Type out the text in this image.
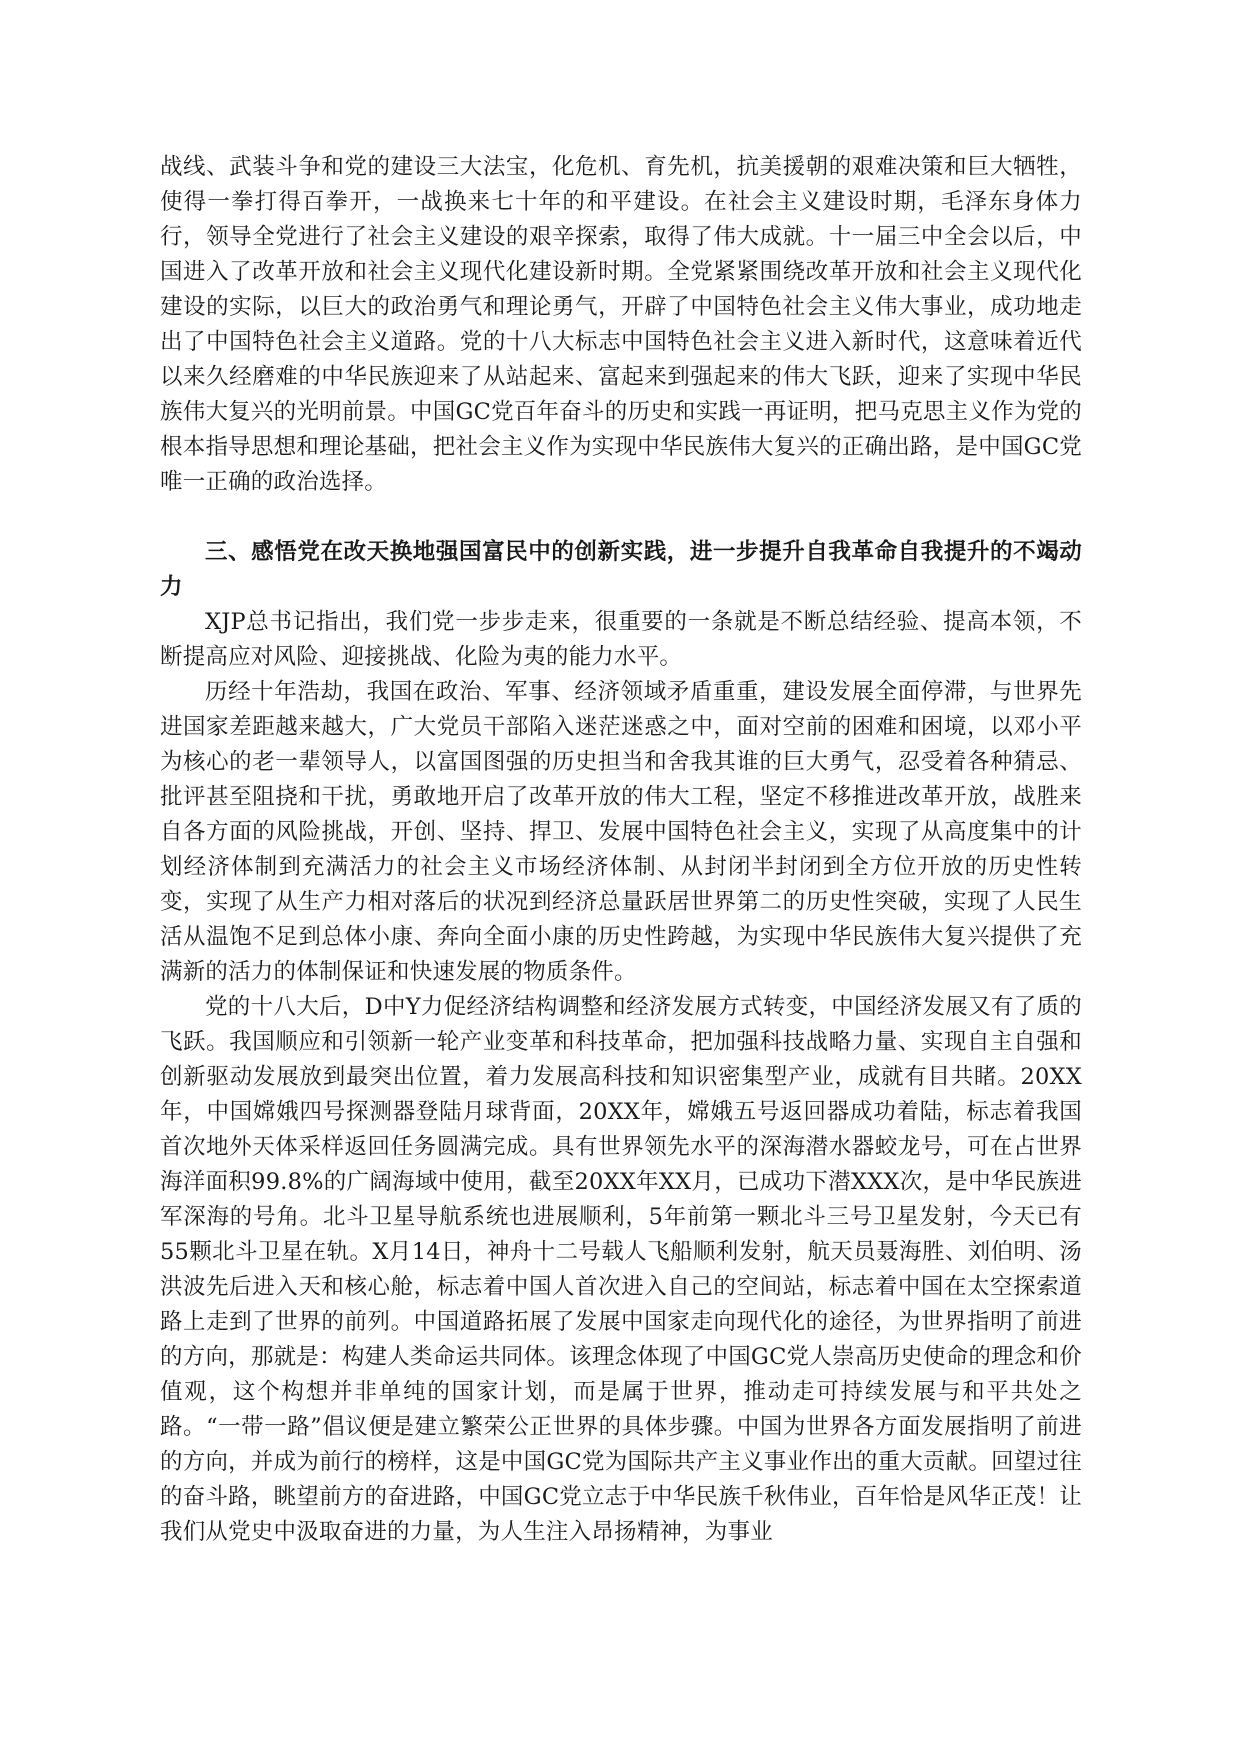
战线、武装斗争和党的建设三大法宝，化危机、育先机，抗美援朝的艰难决策和巨大牺牲，使得一拳打得百拳开，一战换来七十年的和平建设。在社会主义建设时期，毛泽东身体力行，领导全党进行了社会主义建设的艰辛探索，取得了伟大成就。十一届三中全会以后，中国进入了改革开放和社会主义现代化建设新时期。全党紧紧围绕改革开放和社会主义现代化建设的实际，以巨大的政治勇气和理论勇气，开辟了中国特色社会主义伟大事业，成功地走出了中国特色社会主义道路。党的十八大标志中国特色社会主义进入新时代，这意味着近代以来久经磨难的中华民族迎来了从站起来、富起来到强起来的伟大飞跃，迎来了实现中华民族伟大复兴的光明前景。中国GC党百年奋斗的历史和实践一再证明，把马克思主义作为党的根本指导思想和理论基础，把社会主义作为实现中华民族伟大复兴的正确出路，是中国GC党唯一正确的政治选择。

三、感悟党在改天换地强国富民中的创新实践，进一步提升自我革命自我提升的不竭动力

XJP总书记指出，我们党一步步走来，很重要的一条就是不断总结经验、提高本领，不断提高应对风险、迎接挑战、化险为夷的能力水平。

历经十年浩劫，我国在政治、军事、经济领域矛盾重重，建设发展全面停滞，与世界先进国家差距越来越大，广大党员干部陷入迷茫迷惑之中，面对空前的困难和困境，以邓小平为核心的老一辈领导人，以富国图强的历史担当和舍我其谁的巨大勇气，忍受着各种猜忌、批评甚至阻挠和干扰，勇敢地开启了改革开放的伟大工程，坚定不移推进改革开放，战胜来自各方面的风险挑战，开创、坚持、捍卫、发展中国特色社会主义，实现了从高度集中的计划经济体制到充满活力的社会主义市场经济体制、从封闭半封闭到全方位开放的历史性转变，实现了从生产力相对落后的状况到经济总量跃居世界第二的历史性突破，实现了人民生活从温饱不足到总体小康、奔向全面小康的历史性跨越，为实现中华民族伟大复兴提供了充满新的活力的体制保证和快速发展的物质条件。

党的十八大后，D中Y力促经济结构调整和经济发展方式转变，中国经济发展又有了质的飞跃。我国顺应和引领新一轮产业变革和科技革命，把加强科技战略力量、实现自主自强和创新驱动发展放到最突出位置，着力发展高科技和知识密集型产业，成就有目共睹。20XX年，中国嫦娥四号探测器登陆月球背面，20XX年，嫦娥五号返回器成功着陆，标志着我国首次地外天体采样返回任务圆满完成。具有世界领先水平的深海潜水器蛟龙号，可在占世界海洋面积99.8%的广阔海域中使用，截至20XX年XX月，已成功下潜XXX次，是中华民族进军深海的号角。北斗卫星导航系统也进展顺利，5年前第一颗北斗三号卫星发射，今天已有55颗北斗卫星在轨。X月14日，神舟十二号载人飞船顺利发射，航天员聂海胜、刘伯明、汤洪波先后进入天和核心舱，标志着中国人首次进入自己的空间站，标志着中国在太空探索道路上走到了世界的前列。中国道路拓展了发展中国家走向现代化的途径，为世界指明了前进的方向，那就是：构建人类命运共同体。该理念体现了中国GC党人崇高历史使命的理念和价值观，这个构想并非单纯的国家计划，而是属于世界，推动走可持续发展与和平共处之路。“一带一路”倡议便是建立繁荣公正世界的具体步骤。中国为世界各方面发展指明了前进的方向，并成为前行的榜样，这是中国GC党为国际共产主义事业作出的重大贡献。回望过往的奋斗路，眺望前方的奋进路，中国GC党立志于中华民族千秋伟业，百年恰是风华正茂！让我们从党史中汲取奋进的力量，为人生注入昂扬精神，为事业
